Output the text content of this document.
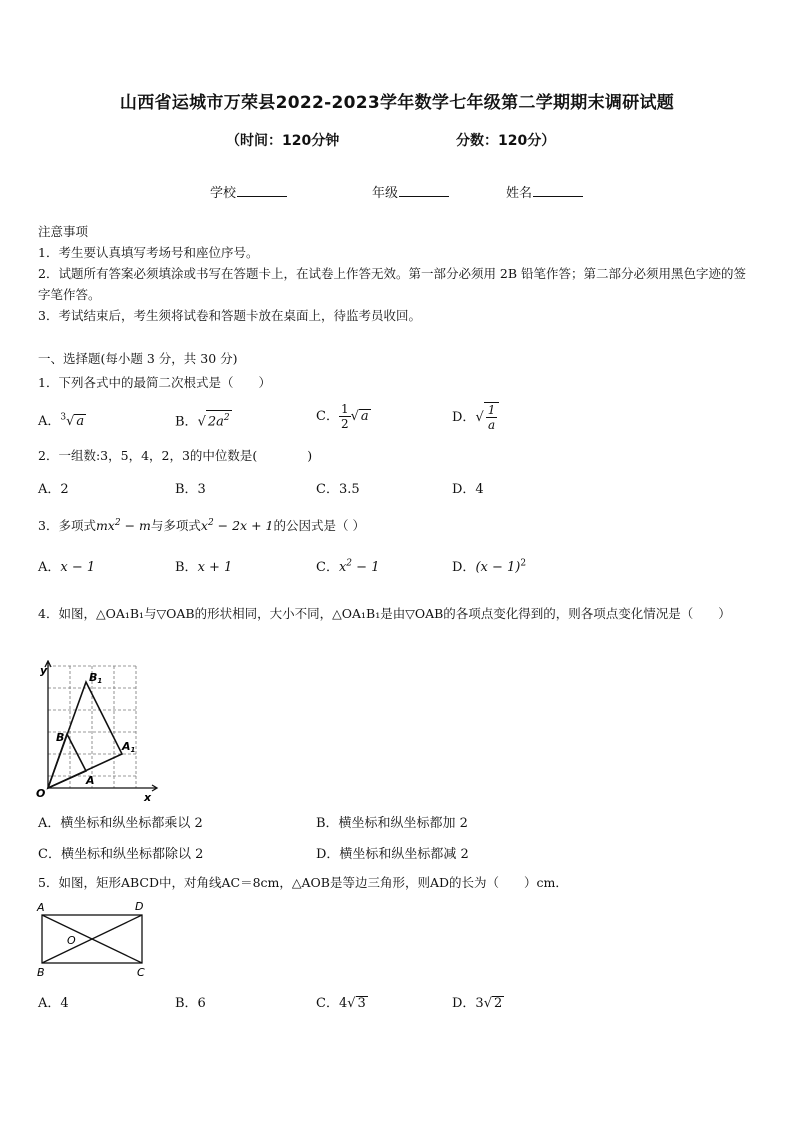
山西省运城市万荣县2022-2023学年数学七年级第二学期期末调研试题
（时间：120分钟	分数：120分）
学校	年级	姓名
注意事项
1．考生要认真填写考场号和座位序号。
2．试题所有答案必须填涂或书写在答题卡上，在试卷上作答无效。第一部分必须用 2B 铅笔作答；第二部分必须用黑色字迹的签字笔作答。
3．考试结束后，考生须将试卷和答题卡放在桌面上，待监考员收回。
一、选择题(每小题 3 分，共 30 分)
1．下列各式中的最简二次根式是（　　）
A．$^3$√ a	B．√ $2a^2$	C． $\frac{1}{2}$ √ a	D．√ $\frac{1}{a}$
2．一组数:3，5，4，2，3的中位数是(　　　　)
A．2	B．3	C．3.5	D．4
3．多项式$mx^2 - m$与多项式$x^2 - 2x + 1$的公因式是（ ）
A．x − 1	B．x + 1	C．$x^2 - 1$	D．$(x - 1)^2$
4．如图，△OA₁B₁与▽OAB的形状相同，大小不同，△OA₁B₁是由▽OAB的各项点变化得到的，则各项点变化情况是（　　）
O	x
y
B
A
B1
A1
A．横坐标和纵坐标都乘以 2	B．横坐标和纵坐标都加 2
C．横坐标和纵坐标都除以 2	D．横坐标和纵坐标都减 2
5．如图，矩形ABCD中，对角线AC＝8cm，△AOB是等边三角形，则AD的长为（　　）cm．
A	D
O
B	C
A．4	B．6	C．4√ 3	D．3√ 2
